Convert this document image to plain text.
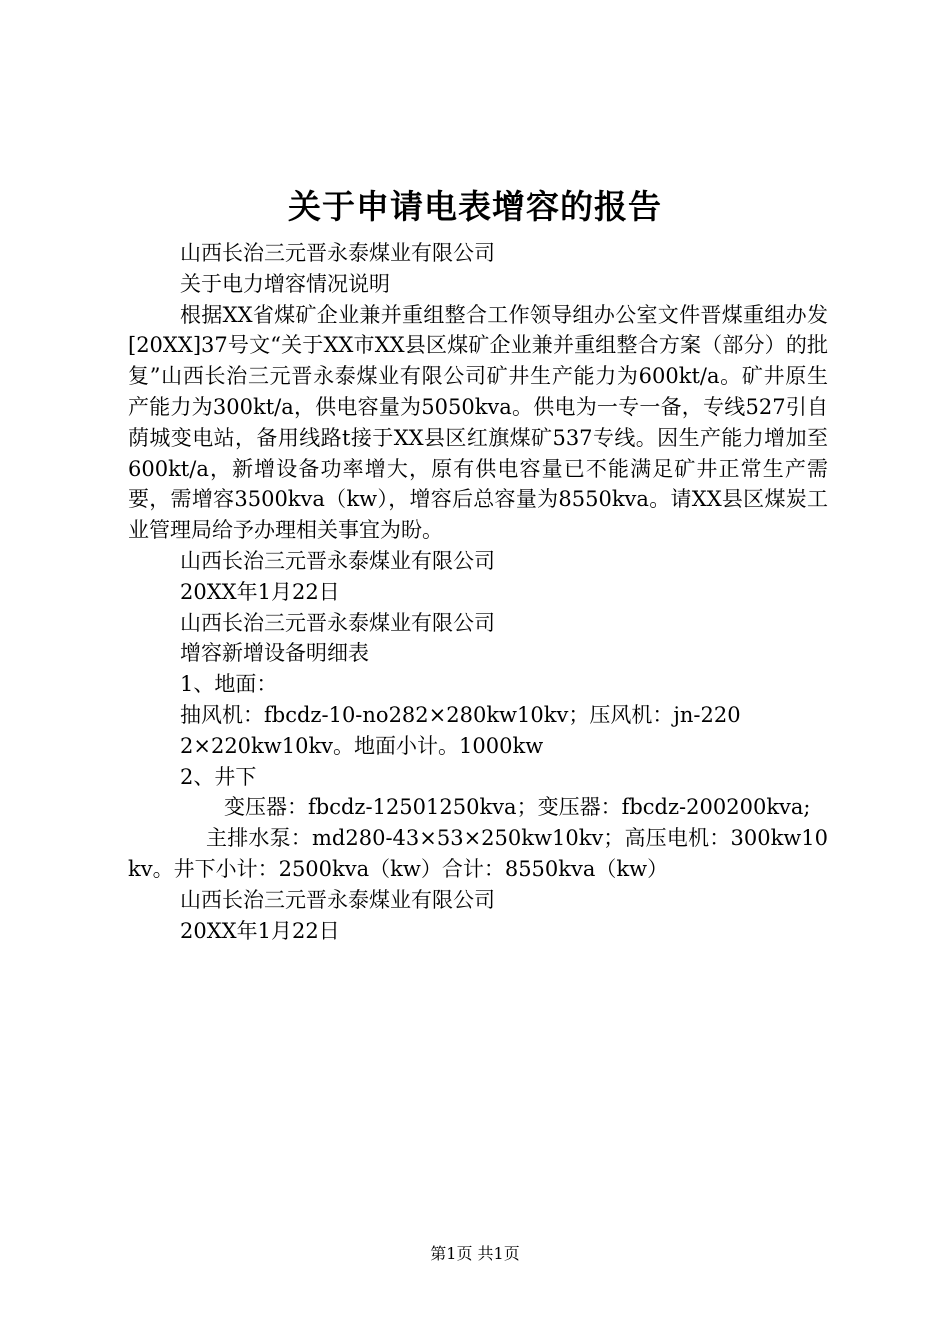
关于申请电表增容的报告

山西长治三元晋永泰煤业有限公司

关于电力增容情况说明

根据XX省煤矿企业兼并重组整合工作领导组办公室文件晋煤重组办发[20XX]37号文“关于XX市XX县区煤矿企业兼并重组整合方案（部分）的批复”山西长治三元晋永泰煤业有限公司矿井生产能力为600kt/a。矿井原生产能力为300kt/a，供电容量为5050kva。供电为一专一备，专线527引自荫城变电站，备用线路t接于XX县区红旗煤矿537专线。因生产能力增加至600kt/a，新增设备功率增大，原有供电容量已不能满足矿井正常生产需要，需增容3500kva（kw），增容后总容量为8550kva。请XX县区煤炭工业管理局给予办理相关事宜为盼。

山西长治三元晋永泰煤业有限公司

20XX年1月22日

山西长治三元晋永泰煤业有限公司

增容新增设备明细表

1、地面：

抽风机：fbcdz-10-no282×280kw10kv；压风机：jn-220

2×220kw10kv。地面小计。1000kw

2、井下

变压器：fbcdz-12501250kva；变压器：fbcdz-200200kva;

主排水泵：md280-43×53×250kw10kv；高压电机：300kw10kv。井下小计：2500kva（kw）合计：8550kva（kw）

山西长治三元晋永泰煤业有限公司

20XX年1月22日

第1页 共1页
